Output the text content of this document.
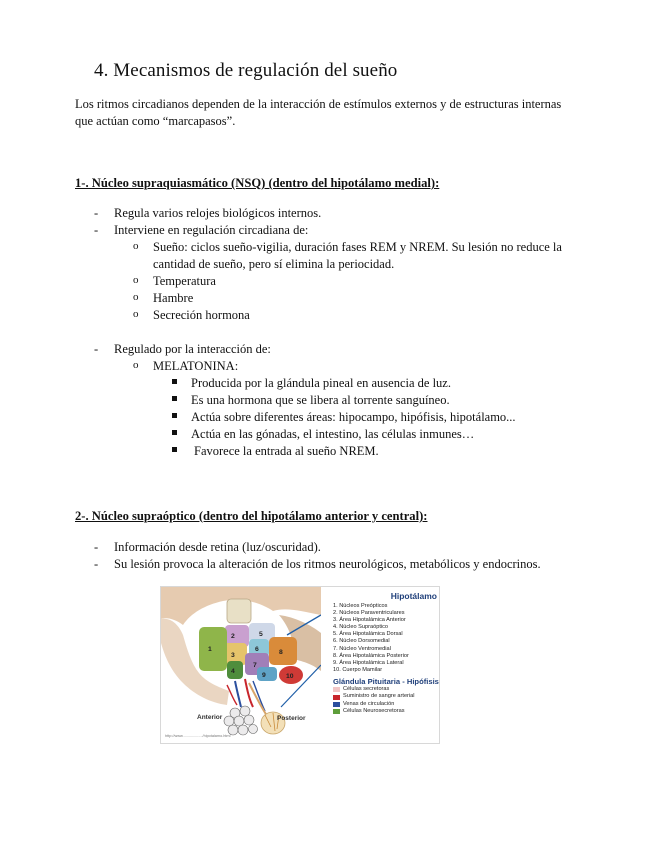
4. Mecanismos de regulación del sueño

Los ritmos circadianos dependen de la interacción de estímulos externos y de estructuras internas
que actúan como “marcapasos”.

1-. Núcleo supraquiasmático (NSQ) (dentro del hipotálamo medial):

-	Regula varios relojes biológicos internos.
-	Interviene en regulación circadiana de:
o Sueño: ciclos sueño-vigilia, duración fases REM y NREM. Su lesión no reduce la
cantidad de sueño, pero sí elimina la periocidad.
o Temperatura
o Hambre
o Secreción hormona
-	Regulado por la interacción de:
o MELATONINA:
Producida por la glándula pineal en ausencia de luz.
Es una hormona que se libera al torrente sanguíneo.
Actúa sobre diferentes áreas: hipocampo, hipófisis, hipotálamo...
Actúa en las gónadas, el intestino, las células inmunes…
Favorece la entrada al sueño NREM.

2-. Núcleo supraóptico (dentro del hipotálamo anterior y central):

-	Información desde retina (luz/oscuridad).
-	Su lesión provoca la alteración de los ritmos neurológicos, metabólicos y endocrinos.
1
2
3
4
5
6
7
8
9	10
Anterior	Posterior
http://www.................../hipotalamo.html

Hipotálamo

1. Núcleos Preópticos
2. Núcleos Paraventriculares
3. Área Hipotalámica Anterior
4. Núcleo Supraóptico
5. Área Hipotalámica Dorsal
6. Núcleo Dorsomedial
7. Núcleo Ventromedial
8. Área Hipotalámica Posterior
9. Área Hipotalámica Lateral
10. Cuerpo Mamilar

Glándula Pituitaria - Hipófisis

Células secretoras
Suministro de sangre arterial
Venas de circulación
Células Neurosecretoras
